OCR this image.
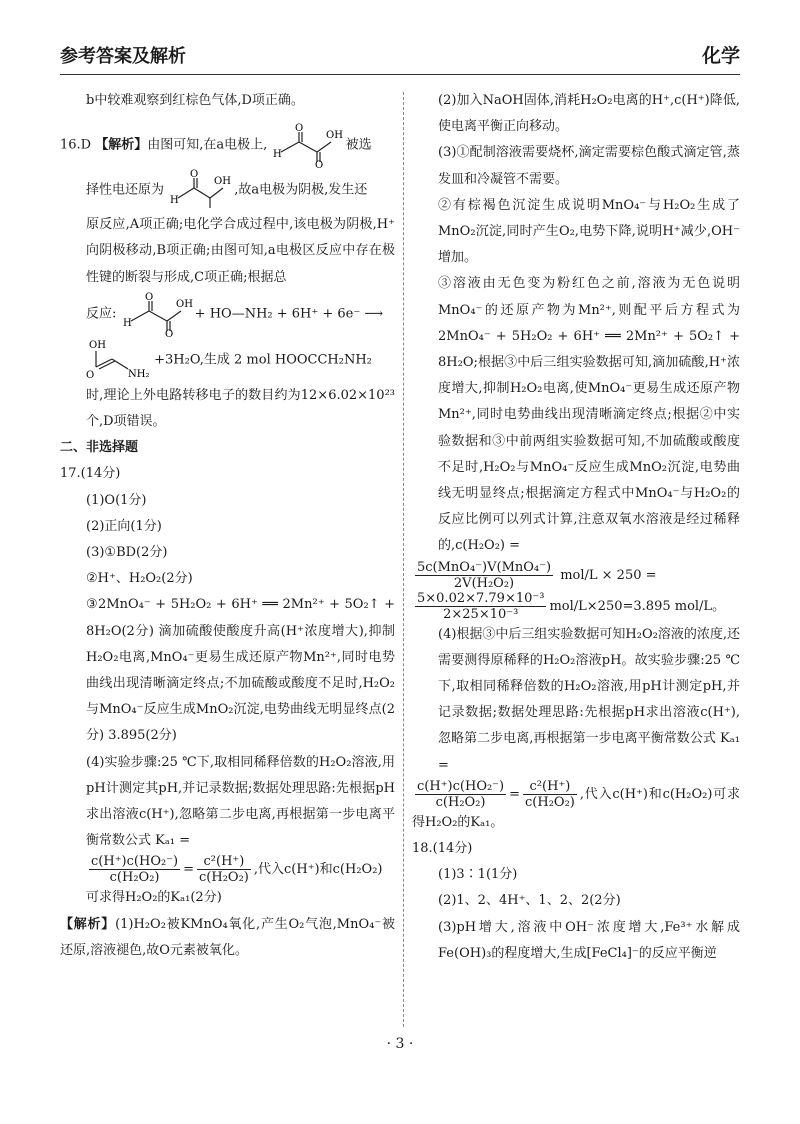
参考答案及解析	化学

b中较难观察到红棕色气体,D项正确。

16.D 【解析】由图可知,在a电极上,
H
O
OH
O
被选

择性电还原为
H
O
OH
,故a电极为阴极,发生还

原反应,A项正确;电化学合成过程中,该电极为阴极,H⁺向阴极移动,B项正确;由图可知,a电极区反应中存在极性键的断裂与形成,C项正确;根据总

反应:
H
O
OH
O
+ HO—NH₂ + 6H⁺ + 6e⁻ ⟶

OH
O	NH₂
+3H₂O,生成 2 mol HOOCCH₂NH₂

时,理论上外电路转移电子的数目约为12×6.02×10²³个,D项错误。

二、非选择题

17.(14分)

(1)O(1分)

(2)正向(1分)

(3)①BD(2分)

②H⁺、H₂O₂(2分)

③2MnO₄⁻ + 5H₂O₂ + 6H⁺ ══ 2Mn²⁺ + 5O₂↑ + 8H₂O(2分) 滴加硫酸使酸度升高(H⁺浓度增大),抑制H₂O₂电离,MnO₄⁻更易生成还原产物Mn²⁺,同时电势曲线出现清晰滴定终点;不加硫酸或酸度不足时,H₂O₂与MnO₄⁻反应生成MnO₂沉淀,电势曲线无明显终点(2分) 3.895(2分)

(4)实验步骤:25 ℃下,取相同稀释倍数的H₂O₂溶液,用pH计测定其pH,并记录数据;数据处理思路:先根据pH求出溶液c(H⁺),忽略第二步电离,再根据第一步电离平衡常数公式 Kₐ₁ =

$\frac{\text{c(H⁺)c(HO₂⁻)}}{\text{c(H₂O₂)}} = \frac{\text{c²(H⁺)}}{\text{c(H₂O₂)}}$ ,代入c(H⁺)和c(H₂O₂)

可求得H₂O₂的Kₐ₁(2分)

【解析】(1)H₂O₂被KMnO₄氧化,产生O₂气泡,MnO₄⁻被还原,溶液褪色,故O元素被氧化。

(2)加入NaOH固体,消耗H₂O₂电离的H⁺,c(H⁺)降低,使电离平衡正向移动。

(3)①配制溶液需要烧杯,滴定需要棕色酸式滴定管,蒸发皿和冷凝管不需要。

②有棕褐色沉淀生成说明MnO₄⁻与H₂O₂生成了MnO₂沉淀,同时产生O₂,电势下降,说明H⁺减少,OH⁻增加。

③溶液由无色变为粉红色之前,溶液为无色说明MnO₄⁻的还原产物为Mn²⁺,则配平后方程式为2MnO₄⁻ + 5H₂O₂ + 6H⁺ ══ 2Mn²⁺ + 5O₂↑ + 8H₂O;根据③中后三组实验数据可知,滴加硫酸,H⁺浓度增大,抑制H₂O₂电离,使MnO₄⁻更易生成还原产物Mn²⁺,同时电势曲线出现清晰滴定终点;根据②中实验数据和③中前两组实验数据可知,不加硫酸或酸度不足时,H₂O₂与MnO₄⁻反应生成MnO₂沉淀,电势曲线无明显终点;根据滴定方程式中MnO₄⁻与H₂O₂的反应比例可以列式计算,注意双氧水溶液是经过稀释的,c(H₂O₂) =

$\frac{\text{5c(MnO₄⁻)V(MnO₄⁻)}}{\text{2V(H₂O₂)}} mol/L \times 250$ =

$\frac{\text{5×0.02×7.79×10⁻³}}{\text{2×25×10⁻³}} mol/L\times 250=3.895$ mol/L。

(4)根据③中后三组实验数据可知H₂O₂溶液的浓度,还需要测得原稀释的H₂O₂溶液pH。故实验步骤:25 ℃下,取相同稀释倍数的H₂O₂溶液,用pH计测定pH,并记录数据;数据处理思路:先根据pH求出溶液c(H⁺),忽略第二步电离,再根据第一步电离平衡常数公式 Kₐ₁ =

$\frac{\text{c(H⁺)c(HO₂⁻)}}{\text{c(H₂O₂)}} = \frac{\text{c²(H⁺)}}{\text{c(H₂O₂)}}$ ,代入c(H⁺)和c(H₂O₂)可求得H₂O₂的Kₐ₁。

18.(14分)

(1)3∶1(1分)

(2)1、2、4H⁺、1、2、2(2分)

(3)pH增大,溶液中OH⁻浓度增大,Fe³⁺水解成Fe(OH)₃的程度增大,生成[FeCl₄]⁻的反应平衡逆

· 3 ·
